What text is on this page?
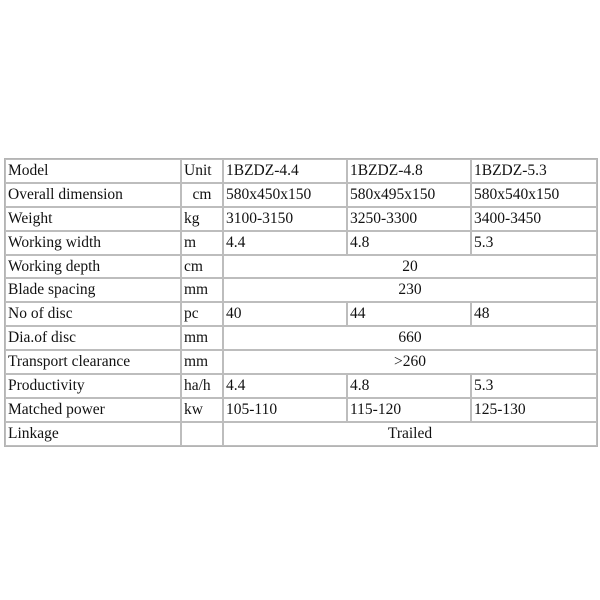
Model	Unit	1BZDZ-4.4	1BZDZ-4.8	1BZDZ-5.3
Overall dimension	cm	580x450x150	580x495x150	580x540x150
Weight	kg	3100-3150	3250-3300	3400-3450
Working width	m	4.4	4.8	5.3
Working depth	cm	20		
Blade spacing	mm	230		
No of disc	pc	40	44	48
Dia.of disc	mm	660		
Transport clearance	mm	>260		
Productivity	ha/h	4.4	4.8	5.3
Matched power	kw	105-110	115-120	125-130
Linkage		Trailed		
